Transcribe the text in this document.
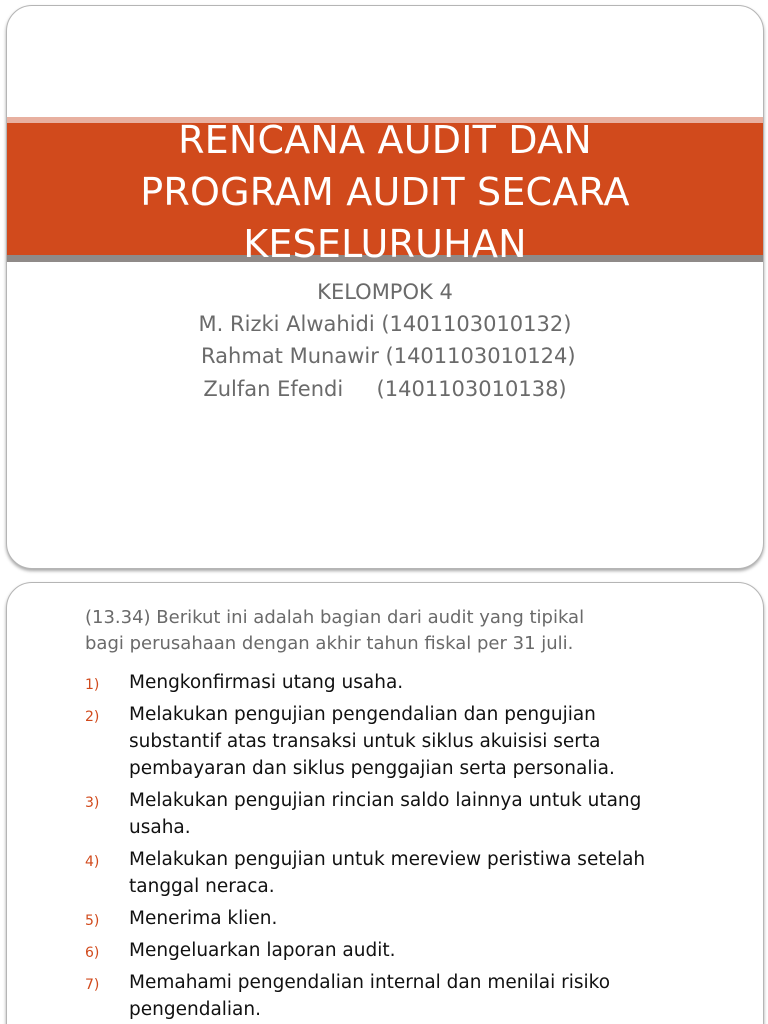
RENCANA AUDIT DAN
PROGRAM AUDIT SECARA
KESELURUHAN
KELOMPOK 4
M. Rizki Alwahidi (1401103010132)
Rahmat Munawir (1401103010124)
Zulfan Efendi     (1401103010138)
(13.34) Berikut ini adalah bagian dari audit yang tipikal
bagi perusahaan dengan akhir tahun fiskal per 31 juli.
1) Mengkonfirmasi utang usaha.
2) Melakukan pengujian pengendalian dan pengujian
substantif atas transaksi untuk siklus akuisisi serta
pembayaran dan siklus penggajian serta personalia.
3) Melakukan pengujian rincian saldo lainnya untuk utang
usaha.
4) Melakukan pengujian untuk mereview peristiwa setelah
tanggal neraca.
5) Menerima klien.
6) Mengeluarkan laporan audit.
7) Memahami pengendalian internal dan menilai risiko
pengendalian.
